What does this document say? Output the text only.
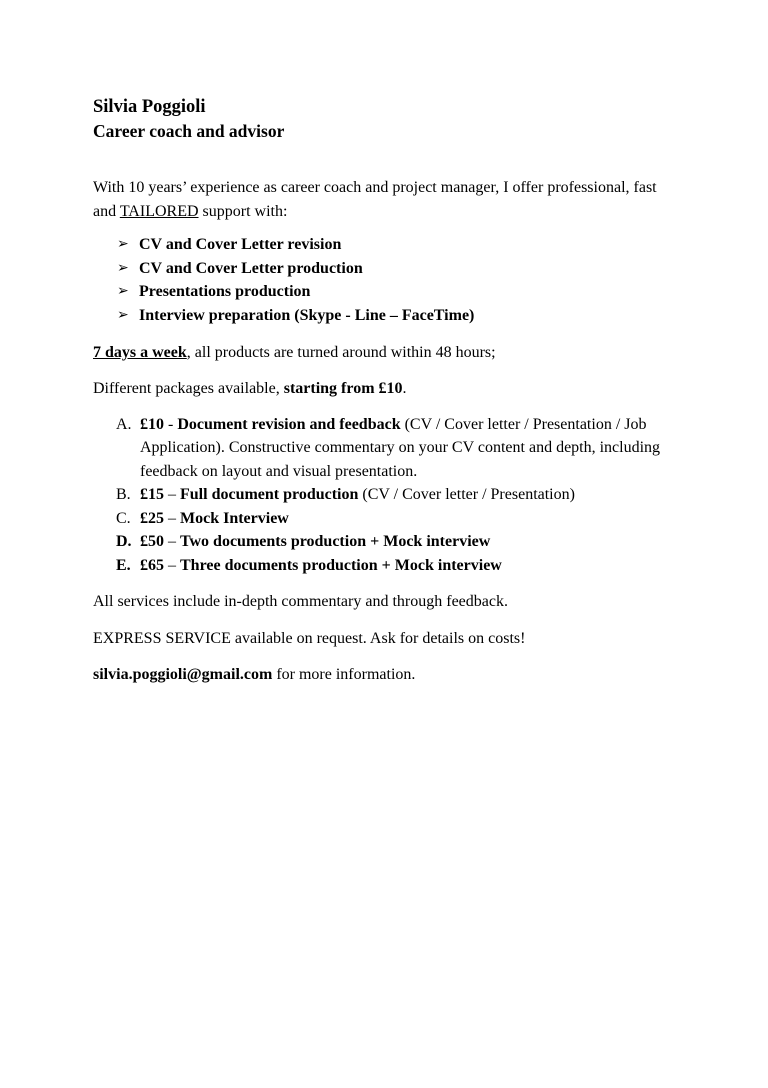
Silvia Poggioli

Career coach and advisor

With 10 years’ experience as career coach and project manager, I offer professional, fast and TAILORED support with:

➢ CV and Cover Letter revision
➢ CV and Cover Letter production
➢ Presentations production
➢ Interview preparation (Skype - Line – FaceTime)

7 days a week, all products are turned around within 48 hours;

Different packages available, starting from £10.

A. £10 - Document revision and feedback (CV / Cover letter / Presentation / Job Application). Constructive commentary on your CV content and depth, including feedback on layout and visual presentation.
B. £15 – Full document production (CV / Cover letter / Presentation)
C. £25 – Mock Interview
D. £50 – Two documents production + Mock interview
E. £65 – Three documents production + Mock interview

All services include in-depth commentary and through feedback.

EXPRESS SERVICE available on request. Ask for details on costs!

silvia.poggioli@gmail.com for more information.
